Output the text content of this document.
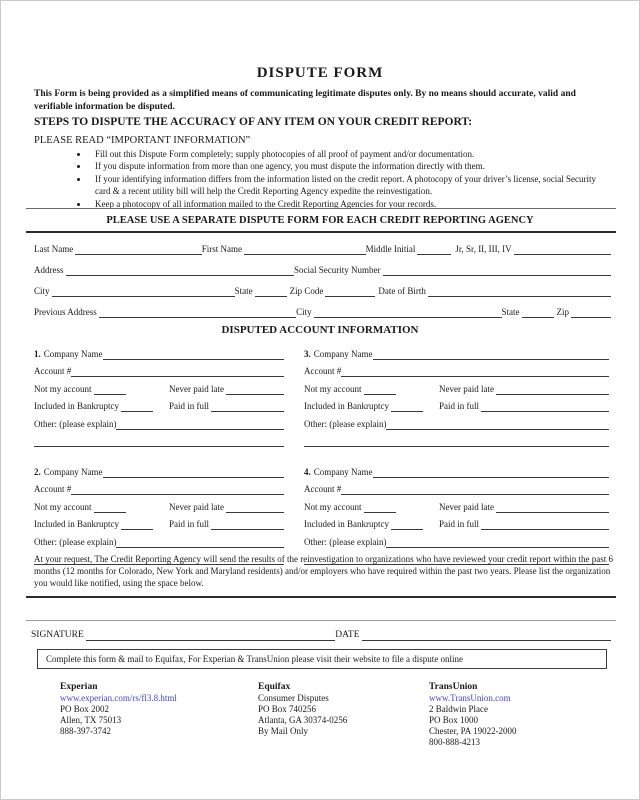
DISPUTE FORM
This Form is being provided as a simplified means of communicating legitimate disputes only. By no means should accurate, valid and verifiable information be disputed.
STEPS TO DISPUTE THE ACCURACY OF ANY ITEM ON YOUR CREDIT REPORT:
PLEASE READ “IMPORTANT INFORMATION”
• Fill out this Dispute Form completely; supply photocopies of all proof of payment and/or documentation.
• If you dispute information from more than one agency, you must dispute the information directly with them.
• If your identifying information differs from the information listed on the credit report. A photocopy of your driver’s license, social Security card & a recent utility bill will help the Credit Reporting Agency expedite the reinvestigation.
• Keep a photocopy of all information mailed to the Credit Reporting Agencies for your records.
PLEASE USE A SEPARATE DISPUTE FORM FOR EACH CREDIT REPORTING AGENCY
Last Name	First Name	Middle Initial	Jr, Sr, II, III, IV
Address	Social Security Number
City	State	Zip Code	Date of Birth
Previous Address	City	State	Zip
DISPUTED ACCOUNT INFORMATION
1. Company Name
Account #
Not my account	Never paid late
Included in Bankruptcy	Paid in full
Other: (please explain)
3. Company Name
Account #
Not my account	Never paid late
Included in Bankruptcy	Paid in full
Other: (please explain)
2. Company Name
Account #
Not my account	Never paid late
Included in Bankruptcy	Paid in full
Other: (please explain)
4. Company Name
Account #
Not my account	Never paid late
Included in Bankruptcy	Paid in full
Other: (please explain)
At your request, The Credit Reporting Agency will send the results of the reinvestigation to organizations who have reviewed your credit report within the past 6 months (12 months for Colorado, New York and Maryland residents) and/or employers who have required within the past two years. Please list the organization you would like notified, using the space below.
SIGNATURE	DATE
Complete this form & mail to Equifax, For Experian & TransUnion please visit their website to file a dispute online
Experian
www.experian.com/rs/fl3.8.html
PO Box 2002
Allen, TX 75013
888-397-3742
Equifax
Consumer Disputes
PO Box 740256
Atlanta, GA 30374-0256
By Mail Only
TransUnion
www.TransUnion.com
2 Baldwin Place
PO Box 1000
Chester, PA 19022-2000
800-888-4213
